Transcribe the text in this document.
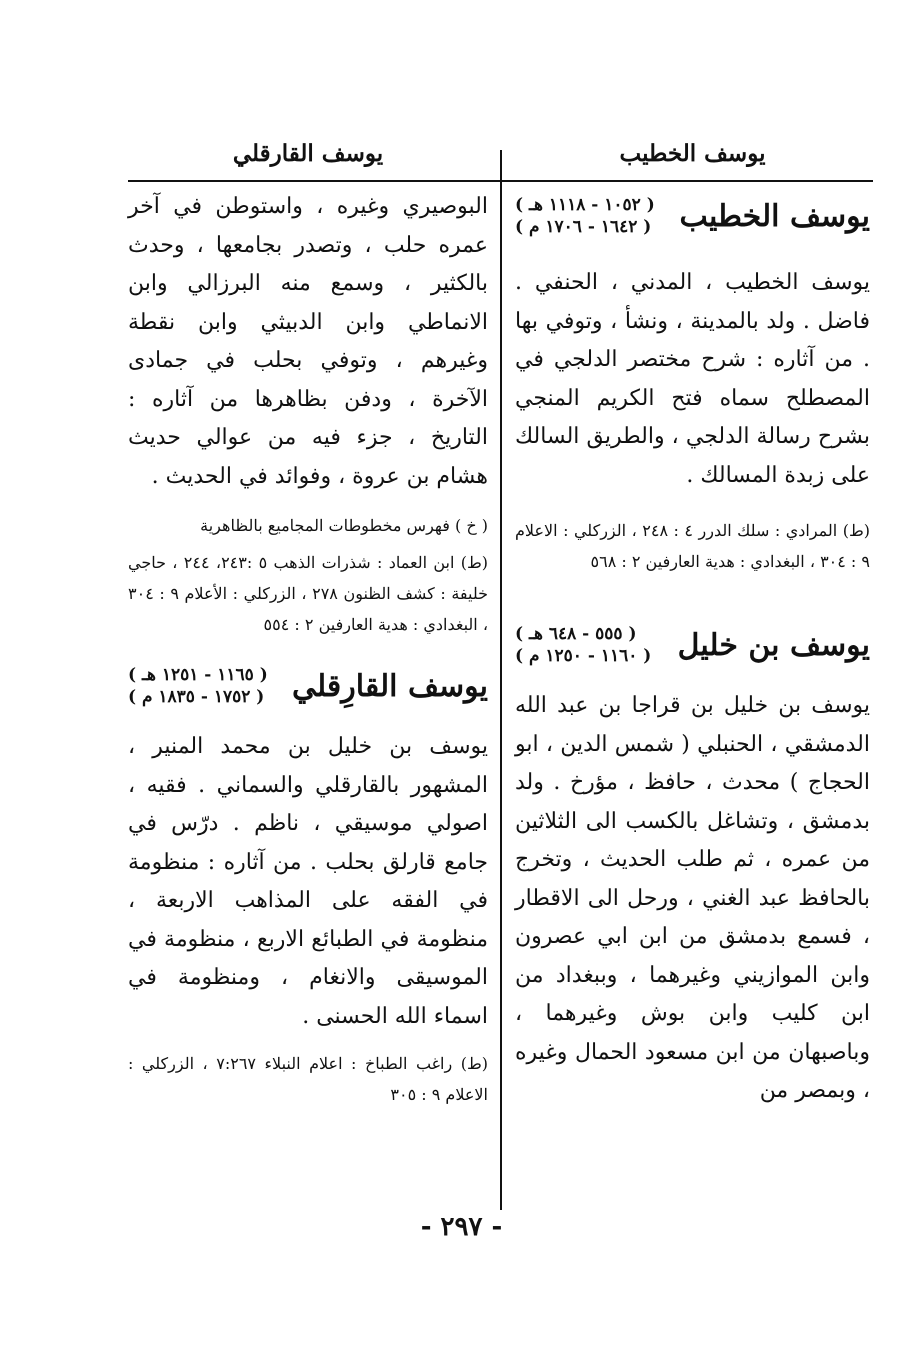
يوسف الخطيب
يوسف القارقلي
يوسف الخطيب
( ١٠٥٢ - ١١١٨ هـ )
( ١٦٤٢ - ١٧٠٦ م )

يوسف الخطيب ، المدني ، الحنفي . فاضل . ولد بالمدينة ، ونشأ ، وتوفي بها . من آثاره : شرح مختصر الدلجي في المصطلح سماه فتح الكريم المنجي بشرح رسالة الدلجي ، والطريق السالك على زبدة المسالك .

(ط) المرادي : سلك الدرر ٤ : ٢٤٨ ، الزركلي : الاعلام ٩ : ٣٠٤ ، البغدادي : هدية العارفين ٢ : ٥٦٨

يوسف بن خليل
( ٥٥٥ - ٦٤٨ هـ )
( ١١٦٠ - ١٢٥٠ م )

يوسف بن خليل بن قراجا بن عبد الله الدمشقي ، الحنبلي ( شمس الدين ، ابو الحجاج ) محدث ، حافظ ، مؤرخ . ولد بدمشق ، وتشاغل بالكسب الى الثلاثين من عمره ، ثم طلب الحديث ، وتخرج بالحافظ عبد الغني ، ورحل الى الاقطار ، فسمع بدمشق من ابن ابي عصرون وابن الموازيني وغيرهما ، وببغداد من ابن كليب وابن بوش وغيرهما ، وباصبهان من ابن مسعود الحمال وغيره ، وبمصر من

البوصيري وغيره ، واستوطن في آخر عمره حلب ، وتصدر بجامعها ، وحدث بالكثير ، وسمع منه البرزالي وابن الانماطي وابن الدبيثي وابن نقطة وغيرهم ، وتوفي بحلب في جمادى الآخرة ، ودفن بظاهرها من آثاره : التاريخ ، جزء فيه من عوالي حديث هشام بن عروة ، وفوائد في الحديث .

( خ ) فهرس مخطوطات المجاميع بالظاهرية

(ط) ابن العماد : شذرات الذهب ٥ :٢٤٣، ٢٤٤ ، حاجي خليفة : كشف الظنون ٢٧٨ ، الزركلي : الأعلام ٩ : ٣٠٤ ، البغدادي : هدية العارفين ٢ : ٥٥٤

يوسف القارِقلي
( ١١٦٥ - ١٢٥١ هـ )
( ١٧٥٢ - ١٨٣٥ م )

يوسف بن خليل بن محمد المنير ، المشهور بالقارقلي والسماني . فقيه ، اصولي موسيقي ، ناظم . درّس في جامع قارلق بحلب . من آثاره : منظومة في الفقه على المذاهب الاربعة ، منظومة في الطبائع الاربع ، منظومة في الموسيقى والانغام ، ومنظومة في اسماء الله الحسنى .

(ط) راغب الطباخ : اعلام النبلاء ٧:٢٦٧ ، الزركلي : الاعلام ٩ : ٣٠٥

- ٢٩٧ -
